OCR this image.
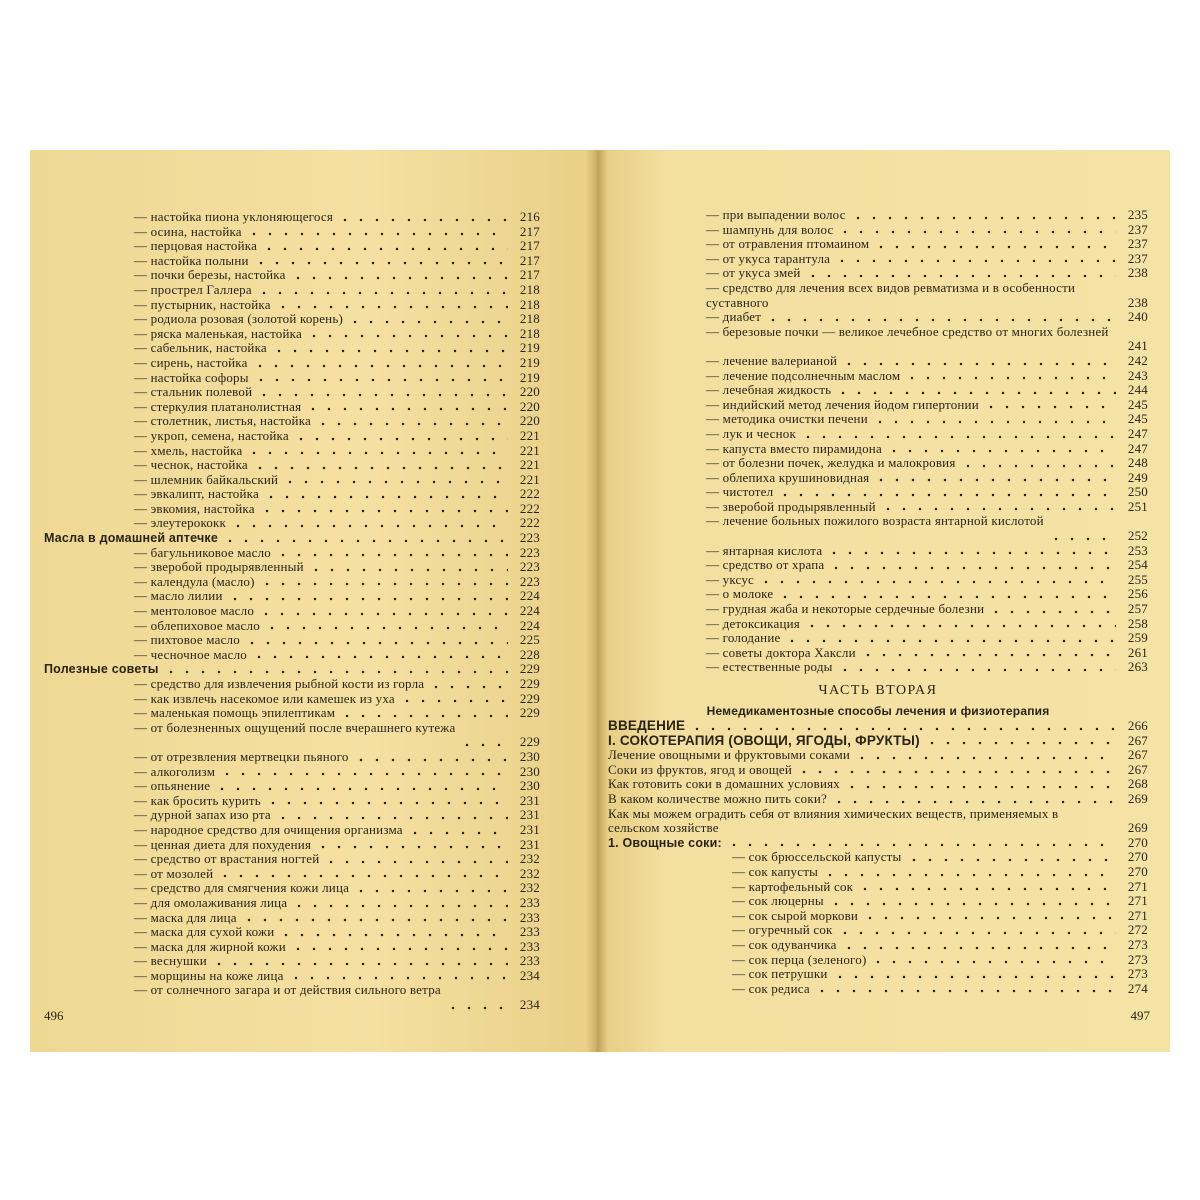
— настойка пиона уклоняющегося	216
— осина, настойка	217
— перцовая настойка	217
— настойка полыни	217
— почки березы, настойка	217
— прострел Галлера	218
— пустырник, настойка	218
— родиола розовая (золотой корень)	218
— ряска маленькая, настойка	218
— сабельник, настойка	219
— сирень, настойка	219
— настойка софоры	219
— стальник полевой	220
— стеркулия платанолистная	220
— столетник, листья, настойка	220
— укроп, семена, настойка	221
— хмель, настойка	221
— чеснок, настойка	221
— шлемник байкальский	221
— эвкалипт, настойка	222
— эвкомия, настойка	222
— элеутерококк	222
Масла в домашней аптечке	223
— багульниковое масло	223
— зверобой продырявленный	223
— календула (масло)	223
— масло лилии	224
— ментоловое масло	224
— облепиховое масло	224
— пихтовое масло	225
— чесночное масло	228
Полезные советы	229
— средство для извлечения рыбной кости из горла	229
— как извлечь насекомое или камешек из уха	229
— маленькая помощь эпилептикам	229
— от болезненных ощущений после вчерашнего кутежа
229
— от отрезвления мертвецки пьяного	230
— алкоголизм	230
— опьянение	230
— как бросить курить	231
— дурной запах изо рта	231
— народное средство для очищения организма	231
— ценная диета для похудения	231
— средство от врастания ногтей	232
— от мозолей	232
— средство для смягчения кожи лица	232
— для омолаживания лица	233
— маска для лица	233
— маска для сухой кожи	233
— маска для жирной кожи	233
— веснушки	233
— морщины на коже лица	234
— от солнечного загара и от действия сильного ветра
234
496
— при выпадении волос	235
— шампунь для волос	237
— от отравления птомаином	237
— от укуса тарантула	237
— от укуса змей	238
— средство для лечения всех видов ревматизма и в особенности суставного	238
— диабет	240
— березовые почки — великое лечебное средство от многих болезней
241
— лечение валерианой	242
— лечение подсолнечным маслом	243
— лечебная жидкость	244
— индийский метод лечения йодом гипертонии	245
— методика очистки печени	245
— лук и чеснок	247
— капуста вместо пирамидона	247
— от болезни почек, желудка и малокровия	248
— облепиха крушиновидная	249
— чистотел	250
— зверобой продырявленный	251
— лечение больных пожилого возраста янтарной кислотой
252
— янтарная кислота	253
— средство от храпа	254
— уксус	255
— о молоке	256
— грудная жаба и некоторые сердечные болезни	257
— детоксикация	258
— голодание	259
— советы доктора Хаксли	261
— естественные роды	263
ЧАСТЬ ВТОРАЯ
Немедикаментозные способы лечения и физиотерапия
ВВЕДЕНИЕ	266
I. СОКОТЕРАПИЯ (ОВОЩИ, ЯГОДЫ, ФРУКТЫ)	267
Лечение овощными и фруктовыми соками	267
Соки из фруктов, ягод и овощей	267
Как готовить соки в домашних условиях	268
В каком количестве можно пить соки?	269
Как мы можем оградить себя от влияния химических веществ, применяемых в сельском хозяйстве	269
1. Овощные соки:	270
— сок брюссельской капусты	270
— сок капусты	270
— картофельный сок	271
— сок люцерны	271
— сок сырой моркови	271
— огуречный сок	272
— сок одуванчика	273
— сок перца (зеленого)	273
— сок петрушки	273
— сок редиса	274
497
